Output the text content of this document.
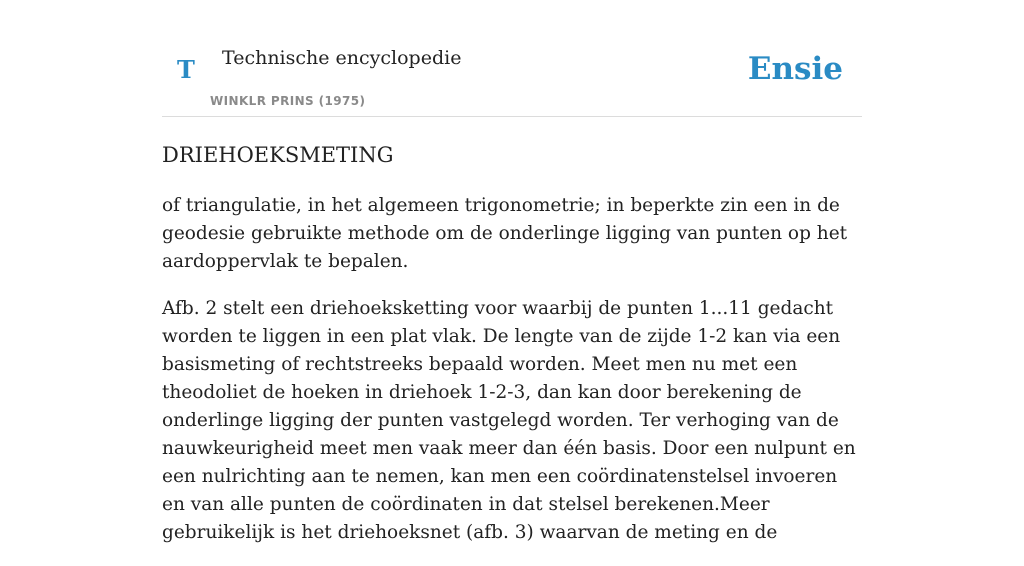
T Technische encyclopedie
WINKLR PRINS (1975)
Ensie
DRIEHOEKSMETING

of triangulatie, in het algemeen trigonometrie; in beperkte zin een in de geodesie gebruikte methode om de onderlinge ligging van punten op het aardoppervlak te bepalen.

Afb. 2 stelt een driehoeksketting voor waarbij de punten 1...11 gedacht worden te liggen in een plat vlak. De lengte van de zijde 1-2 kan via een basismeting of rechtstreeks bepaald worden. Meet men nu met een theodoliet de hoeken in driehoek 1-2-3, dan kan door berekening de onderlinge ligging der punten vastgelegd worden. Ter verhoging van de nauwkeurigheid meet men vaak meer dan één basis. Door een nulpunt en een nulrichting aan te nemen, kan men een coördinatenstelsel invoeren en van alle punten de coördinaten in dat stelsel berekenen.Meer gebruikelijk is het driehoeksnet (afb. 3) waarvan de meting en de
